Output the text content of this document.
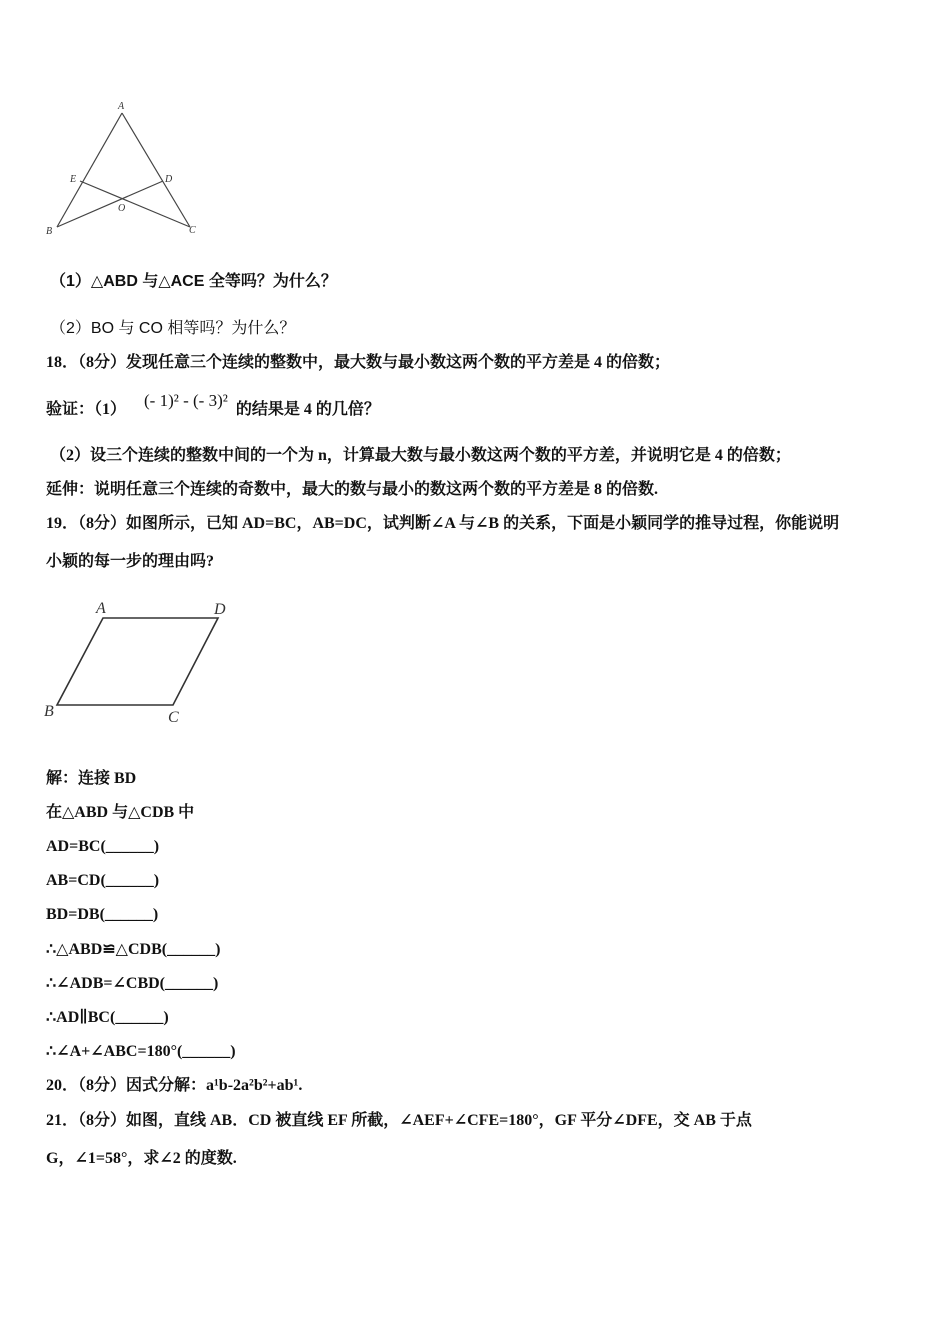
A
B	C
D
E
O
A
B	C
D
（1）△ABD 与△ACE 全等吗？为什么？
（2）BO 与 CO 相等吗？为什么？
18．（8分）发现任意三个连续的整数中，最大数与最小数这两个数的平方差是 4 的倍数；
验证：（1） (- 1)² - (- 3)² 的结果是 4 的几倍？
（2）设三个连续的整数中间的一个为 n，计算最大数与最小数这两个数的平方差，并说明它是 4 的倍数；
延伸：说明任意三个连续的奇数中，最大的数与最小的数这两个数的平方差是 8 的倍数.
19．（8分）如图所示，已知 AD=BC，AB=DC，试判断∠A 与∠B 的关系，下面是小颖同学的推导过程，你能说明
小颖的每一步的理由吗?
解：连接 BD
在△ABD 与△CDB 中
AD=BC(______)
AB=CD(______)
BD=DB(______)
∴△ABD≌△CDB(______)
∴∠ADB=∠CBD(______)
∴AD∥BC(______)
∴∠A+∠ABC=180°(______)
20．（8分）因式分解：a¹b-2a²b²+ab¹.
21．（8分）如图，直线 AB．CD 被直线 EF 所截，∠AEF+∠CFE=180°，GF 平分∠DFE，交 AB 于点
G，∠1=58°，求∠2 的度数.
